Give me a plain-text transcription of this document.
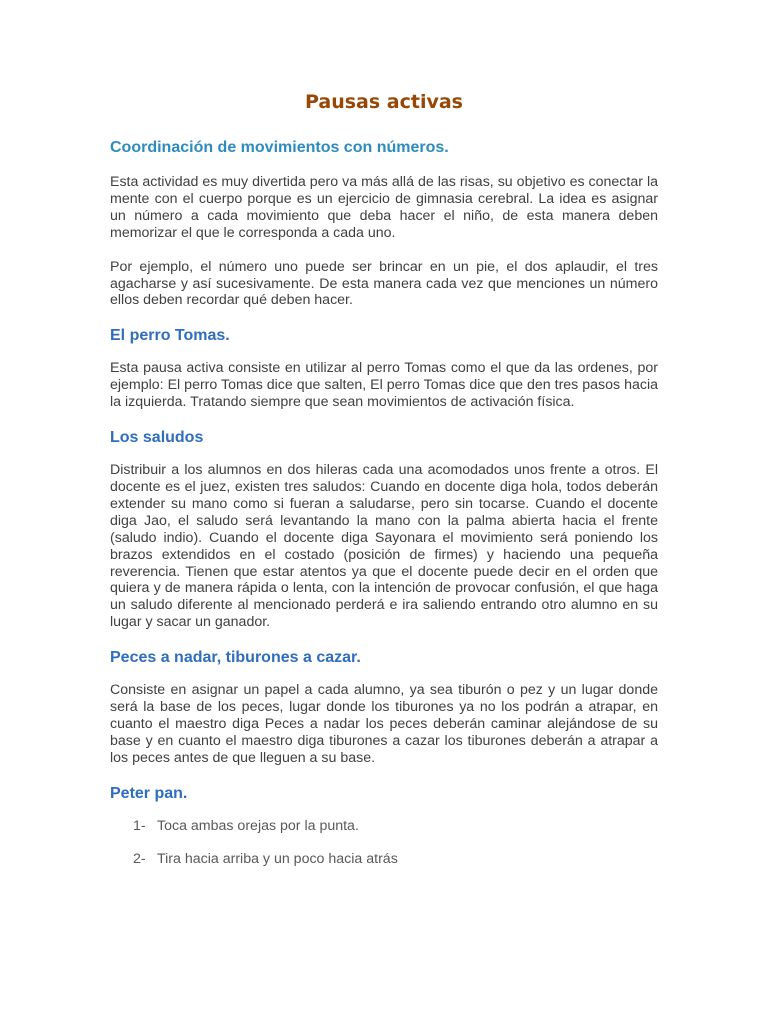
Pausas activas
Coordinación de movimientos con números.

Esta actividad es muy divertida pero va más allá de las risas, su objetivo es conectar la mente con el cuerpo porque es un ejercicio de gimnasia cerebral. La idea es asignar un número a cada movimiento que deba hacer el niño, de esta manera deben memorizar el que le corresponda a cada uno.

Por ejemplo, el número uno puede ser brincar en un pie, el dos aplaudir, el tres agacharse y así sucesivamente. De esta manera cada vez que menciones un número ellos deben recordar qué deben hacer.

El perro Tomas.

Esta pausa activa consiste en utilizar al perro Tomas como el que da las ordenes, por ejemplo: El perro Tomas dice que salten, El perro Tomas dice que den tres pasos hacia la izquierda. Tratando siempre que sean movimientos de activación física.

Los saludos

Distribuir a los alumnos en dos hileras cada una acomodados unos frente a otros. El docente es el juez, existen tres saludos: Cuando en docente diga hola, todos deberán extender su mano como si fueran a saludarse, pero sin tocarse. Cuando el docente diga Jao, el saludo será levantando la mano con la palma abierta hacia el frente (saludo indio). Cuando el docente diga Sayonara el movimiento será poniendo los brazos extendidos en el costado (posición de firmes) y haciendo una pequeña reverencia. Tienen que estar atentos ya que el docente puede decir en el orden que quiera y de manera rápida o lenta, con la intención de provocar confusión, el que haga un saludo diferente al mencionado perderá e ira saliendo entrando otro alumno en su lugar y sacar un ganador.

Peces a nadar, tiburones a cazar.

Consiste en asignar un papel a cada alumno, ya sea tiburón o pez y un lugar donde será la base de los peces, lugar donde los tiburones ya no los podrán a atrapar, en cuanto el maestro diga Peces a nadar los peces deberán caminar alejándose de su base y en cuanto el maestro diga tiburones a cazar los tiburones deberán a atrapar a los peces antes de que lleguen a su base.

Peter pan.
1- Toca ambas orejas por la punta.
2- Tira hacia arriba y un poco hacia atrás
